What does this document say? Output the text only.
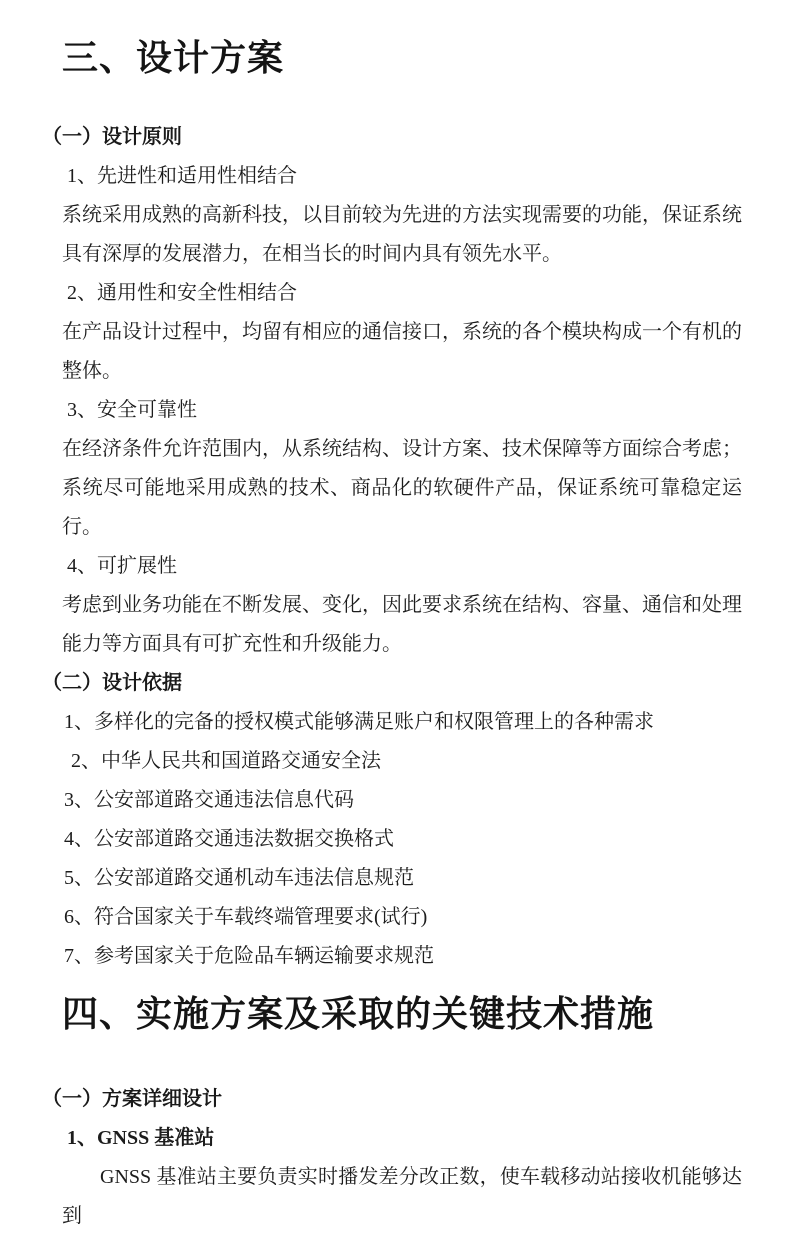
三、设计方案
（一）设计原则

1、先进性和适用性相结合

系统采用成熟的高新科技，以目前较为先进的方法实现需要的功能，保证系统具有深厚的发展潜力，在相当长的时间内具有领先水平。

2、通用性和安全性相结合

在产品设计过程中，均留有相应的通信接口，系统的各个模块构成一个有机的整体。

3、安全可靠性

在经济条件允许范围内，从系统结构、设计方案、技术保障等方面综合考虑；系统尽可能地采用成熟的技术、商品化的软硬件产品，保证系统可靠稳定运行。

4、可扩展性

考虑到业务功能在不断发展、变化，因此要求系统在结构、容量、通信和处理能力等方面具有可扩充性和升级能力。

（二）设计依据

1、多样化的完备的授权模式能够满足账户和权限管理上的各种需求

2、中华人民共和国道路交通安全法

3、公安部道路交通违法信息代码

4、公安部道路交通违法数据交换格式

5、公安部道路交通机动车违法信息规范

6、符合国家关于车载终端管理要求(试行)

7、参考国家关于危险品车辆运输要求规范

四、实施方案及采取的关键技术措施
（一）方案详细设计

1、GNSS 基准站

GNSS 基准站主要负责实时播发差分改正数，使车载移动站接收机能够达到
